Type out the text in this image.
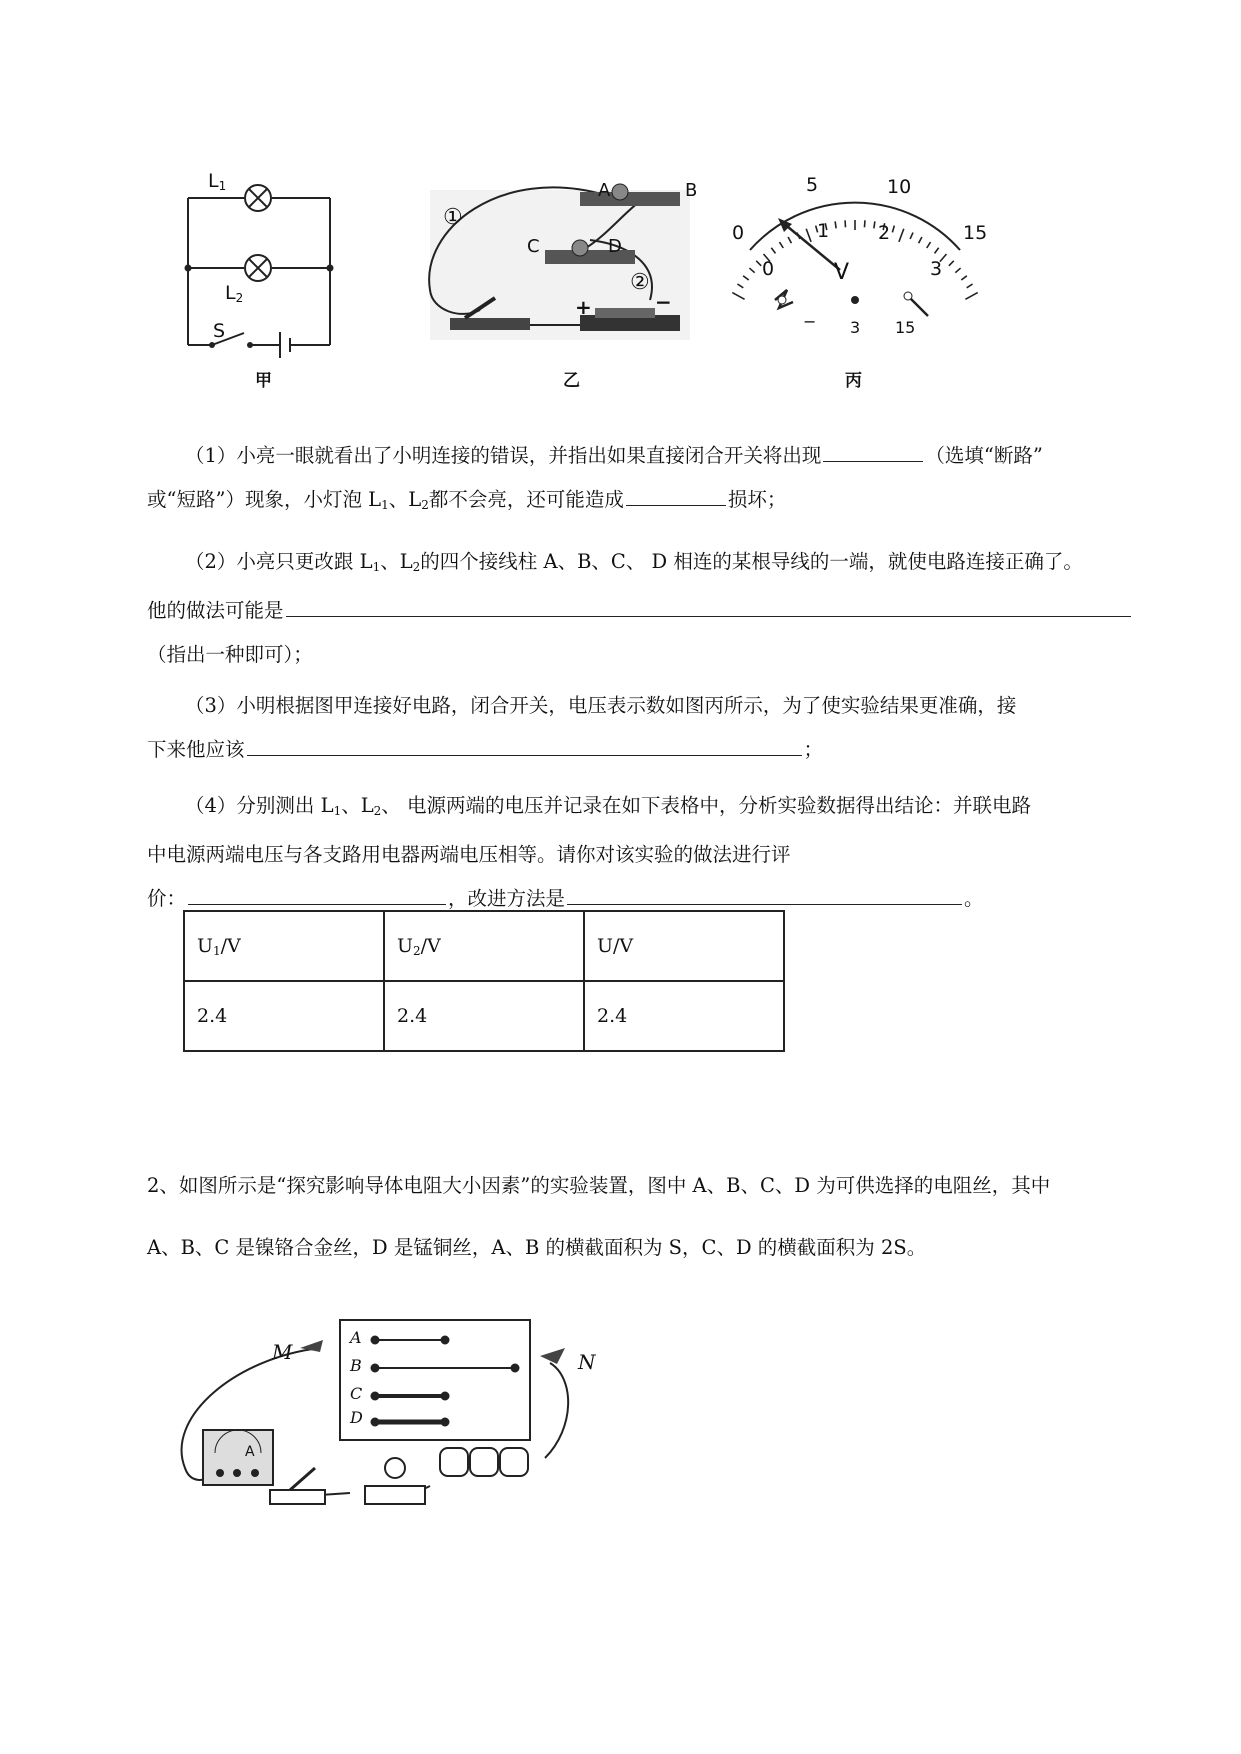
$L_1$
$L_2$
S
甲
①
②
A	B
C	D
+	−
乙
0
5	10
15
0
1	2
3
V
− 3 15
丙
（1）小亮一眼就看出了小明连接的错误，并指出如果直接闭合开关将出现	（选填“断路”
或“短路”）现象，小灯泡 $L_1$、$L_2$都不会亮，还可能造成	损坏；
（2）小亮只更改跟 $L_1$、$L_2$的四个接线柱 A、B、C、 D 相连的某根导线的一端，就使电路连接正确了。
他的做法可能是
（指出一种即可）；
（3）小明根据图甲连接好电路，闭合开关，电压表示数如图丙所示，为了使实验结果更准确，接
下来他应该	；
（4）分别测出 $L_1$、$L_2$、 电源两端的电压并记录在如下表格中，分析实验数据得出结论：并联电路
中电源两端电压与各支路用电器两端电压相等。请你对该实验的做法进行评
价：	，改进方法是	。
$U_1/V$	$U_2/V$	U/V
2.4	2.4	2.4
2、如图所示是“探究影响导体电阻大小因素”的实验装置，图中 A、B、C、D 为可供选择的电阻丝，其中
A、B、C 是镍铬合金丝，D 是锰铜丝，A、B 的横截面积为 S，C、D 的横截面积为 2S。
M	N
A
B
C
D
A
